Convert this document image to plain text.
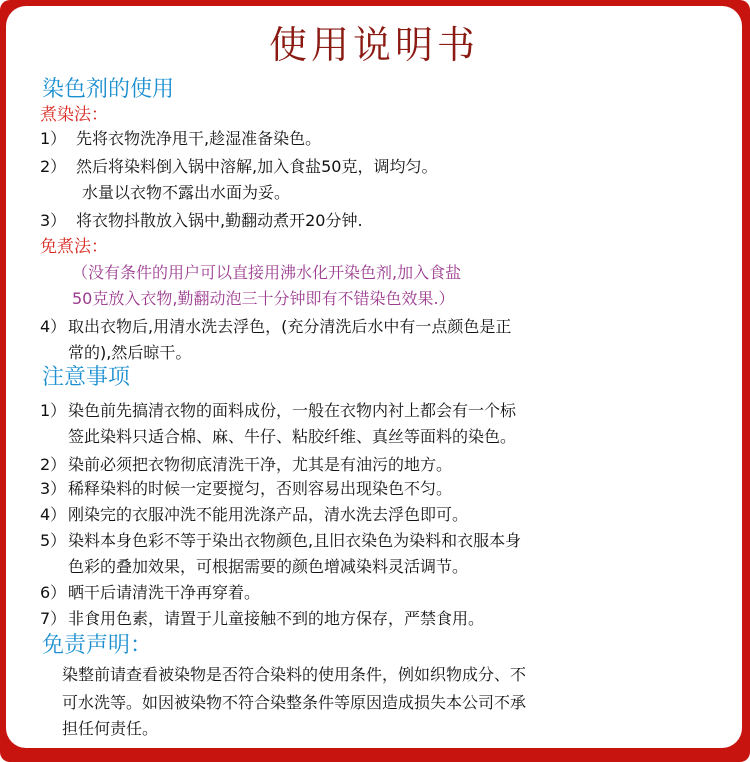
使用说明书
染色剂的使用
煮染法：
1） 先将衣物洗净甩干,趁湿准备染色。
2） 然后将染料倒入锅中溶解,加入食盐50克，调均匀。
水量以衣物不露出水面为妥。
3） 将衣物抖散放入锅中,勤翻动煮开20分钟.
免煮法：
（没有条件的用户可以直接用沸水化开染色剂,加入食盐
50克放入衣物,勤翻动泡三十分钟即有不错染色效果.）
4） 取出衣物后,用清水洗去浮色，(充分清洗后水中有一点颜色是正
常的),然后晾干。
注意事项
1） 染色前先搞清衣物的面料成份，一般在衣物内衬上都会有一个标
签此染料只适合棉、麻、牛仔、粘胶纤维、真丝等面料的染色。
2） 染前必须把衣物彻底清洗干净，尤其是有油污的地方。
3） 稀释染料的时候一定要搅匀，否则容易出现染色不匀。
4） 刚染完的衣服冲洗不能用洗涤产品，清水洗去浮色即可。
5） 染料本身色彩不等于染出衣物颜色,且旧衣染色为染料和衣服本身
色彩的叠加效果，可根据需要的颜色增减染料灵活调节。
6） 晒干后请清洗干净再穿着。
7） 非食用色素，请置于儿童接触不到的地方保存，严禁食用。
免责声明：
染整前请查看被染物是否符合染料的使用条件，例如织物成分、不
可水洗等。如因被染物不符合染整条件等原因造成损失本公司不承
担任何责任。
